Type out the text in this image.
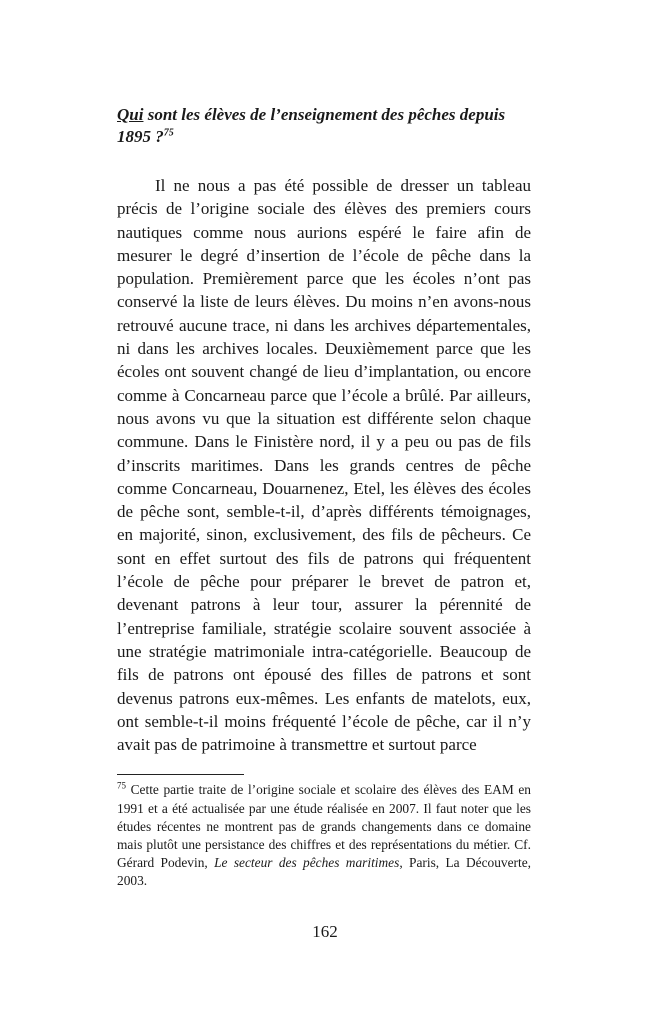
Qui sont les élèves de l’enseignement des pêches depuis 1895 ?$^{75}$

Il ne nous a pas été possible de dresser un tableau précis de l’origine sociale des élèves des premiers cours nautiques comme nous aurions espéré le faire afin de mesurer le degré d’insertion de l’école de pêche dans la population. Premièrement parce que les écoles n’ont pas conservé la liste de leurs élèves. Du moins n’en avons-nous retrouvé aucune trace, ni dans les archives départementales, ni dans les archives locales. Deuxièmement parce que les écoles ont souvent changé de lieu d’implantation, ou encore comme à Concarneau parce que l’école a brûlé. Par ailleurs, nous avons vu que la situation est différente selon chaque commune. Dans le Finistère nord, il y a peu ou pas de fils d’inscrits maritimes. Dans les grands centres de pêche comme Concarneau, Douarnenez, Etel, les élèves des écoles de pêche sont, semble-t-il, d’après différents témoignages, en majorité, sinon, exclusivement, des fils de pêcheurs. Ce sont en effet surtout des fils de patrons qui fréquentent l’école de pêche pour préparer le brevet de patron et, devenant patrons à leur tour, assurer la pérennité de l’entreprise familiale, stratégie scolaire souvent associée à une stratégie matrimoniale intra-catégorielle. Beaucoup de fils de patrons ont épousé des filles de patrons et sont devenus patrons eux-mêmes. Les enfants de matelots, eux, ont semble-t-il moins fréquenté l’école de pêche, car il n’y avait pas de patrimoine à transmettre et surtout parce

$^{75}$ Cette partie traite de l’origine sociale et scolaire des élèves des EAM en 1991 et a été actualisée par une étude réalisée en 2007. Il faut noter que les études récentes ne montrent pas de grands changements dans ce domaine mais plutôt une persistance des chiffres et des représentations du métier. Cf. Gérard Podevin, Le secteur des pêches maritimes, Paris, La Découverte, 2003.

162
